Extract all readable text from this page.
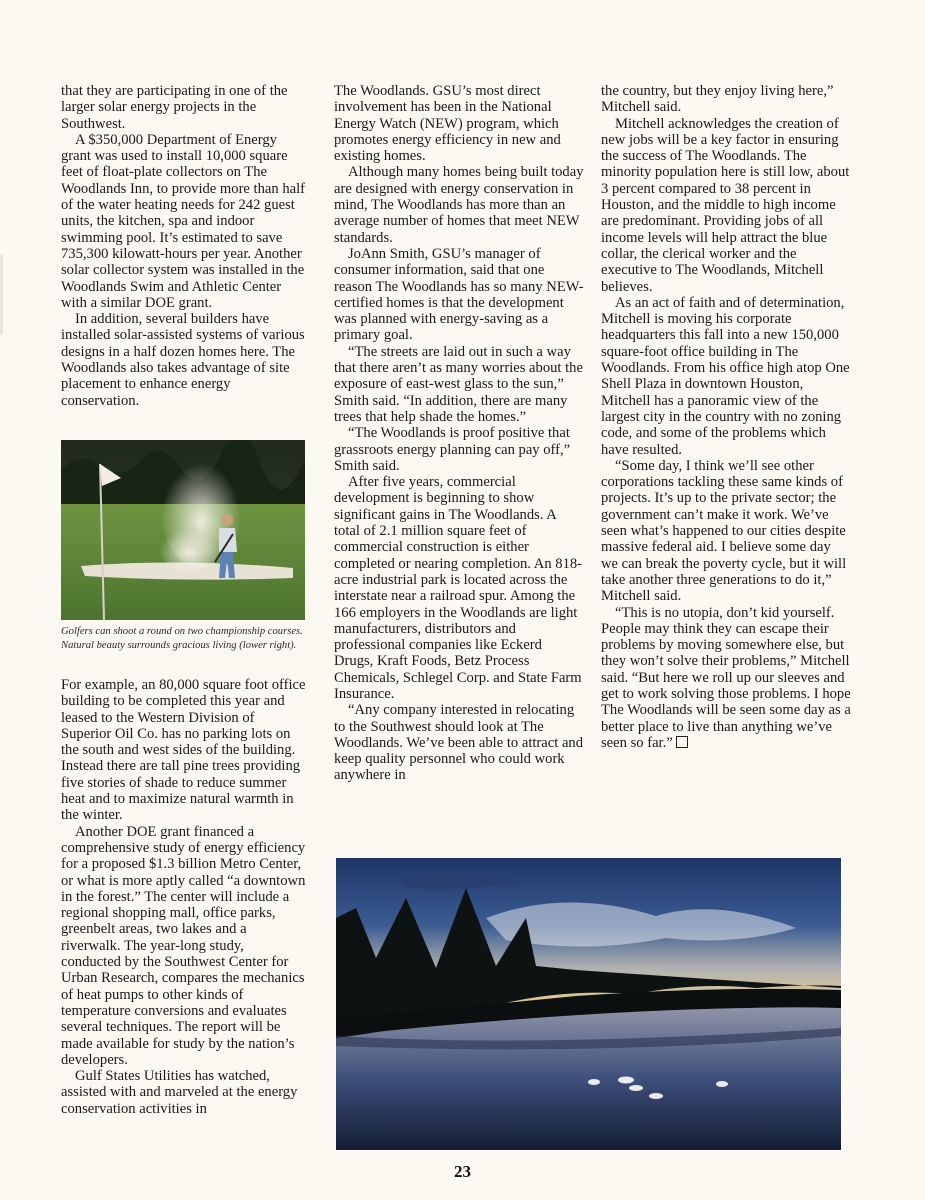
that they are participating in one of the larger solar energy projects in the Southwest.

A $350,000 Department of Energy grant was used to install 10,000 square feet of float-plate collectors on The Woodlands Inn, to provide more than half of the water heating needs for 242 guest units, the kitchen, spa and indoor swimming pool. It’s estimated to save 735,300 kilowatt-hours per year. Another solar collector system was installed in the Woodlands Swim and Athletic Center with a similar DOE grant.

In addition, several builders have installed solar-assisted systems of various designs in a half dozen homes here. The Woodlands also takes advantage of site placement to enhance energy conservation.

Golfers can shoot a round on two championship courses. Natural beauty surrounds gracious living (lower right).

For example, an 80,000 square foot office building to be completed this year and leased to the Western Division of Superior Oil Co. has no parking lots on the south and west sides of the building. Instead there are tall pine trees providing five stories of shade to reduce summer heat and to maximize natural warmth in the winter.

Another DOE grant financed a comprehensive study of energy efficiency for a proposed $1.3 billion Metro Center, or what is more aptly called “a downtown in the forest.” The center will include a regional shopping mall, office parks, greenbelt areas, two lakes and a riverwalk. The year-long study, conducted by the Southwest Center for Urban Research, compares the mechanics of heat pumps to other kinds of temperature conversions and evaluates several techniques. The report will be made available for study by the nation’s developers.

Gulf States Utilities has watched, assisted with and marveled at the energy conservation activities in

The Woodlands. GSU’s most direct involvement has been in the National Energy Watch (NEW) program, which promotes energy efficiency in new and existing homes.

Although many homes being built today are designed with energy conservation in mind, The Woodlands has more than an average number of homes that meet NEW standards.

JoAnn Smith, GSU’s manager of consumer information, said that one reason The Woodlands has so many NEW-certified homes is that the development was planned with energy-saving as a primary goal.

“The streets are laid out in such a way that there aren’t as many worries about the exposure of east-west glass to the sun,” Smith said. “In addition, there are many trees that help shade the homes.”

“The Woodlands is proof positive that grassroots energy planning can pay off,” Smith said.

After five years, commercial development is beginning to show significant gains in The Woodlands. A total of 2.1 million square feet of commercial construction is either completed or nearing completion. An 818-acre industrial park is located across the interstate near a railroad spur. Among the 166 employers in the Woodlands are light manufacturers, distributors and professional companies like Eckerd Drugs, Kraft Foods, Betz Process Chemicals, Schlegel Corp. and State Farm Insurance.

“Any company interested in relocating to the Southwest should look at The Woodlands. We’ve been able to attract and keep quality personnel who could work anywhere in

the country, but they enjoy living here,” Mitchell said.

Mitchell acknowledges the creation of new jobs will be a key factor in ensuring the success of The Woodlands. The minority population here is still low, about 3 percent compared to 38 percent in Houston, and the middle to high income are predominant. Providing jobs of all income levels will help attract the blue collar, the clerical worker and the executive to The Woodlands, Mitchell believes.

As an act of faith and of determination, Mitchell is moving his corporate headquarters this fall into a new 150,000 square-foot office building in The Woodlands. From his office high atop One Shell Plaza in downtown Houston, Mitchell has a panoramic view of the largest city in the country with no zoning code, and some of the problems which have resulted.

“Some day, I think we’ll see other corporations tackling these same kinds of projects. It’s up to the private sector; the government can’t make it work. We’ve seen what’s happened to our cities despite massive federal aid. I believe some day we can break the poverty cycle, but it will take another three generations to do it,” Mitchell said.

“This is no utopia, don’t kid yourself. People may think they can escape their problems by moving somewhere else, but they won’t solve their problems,” Mitchell said. “But here we roll up our sleeves and get to work solving those problems. I hope The Woodlands will be seen some day as a better place to live than anything we’ve seen so far.”

23
